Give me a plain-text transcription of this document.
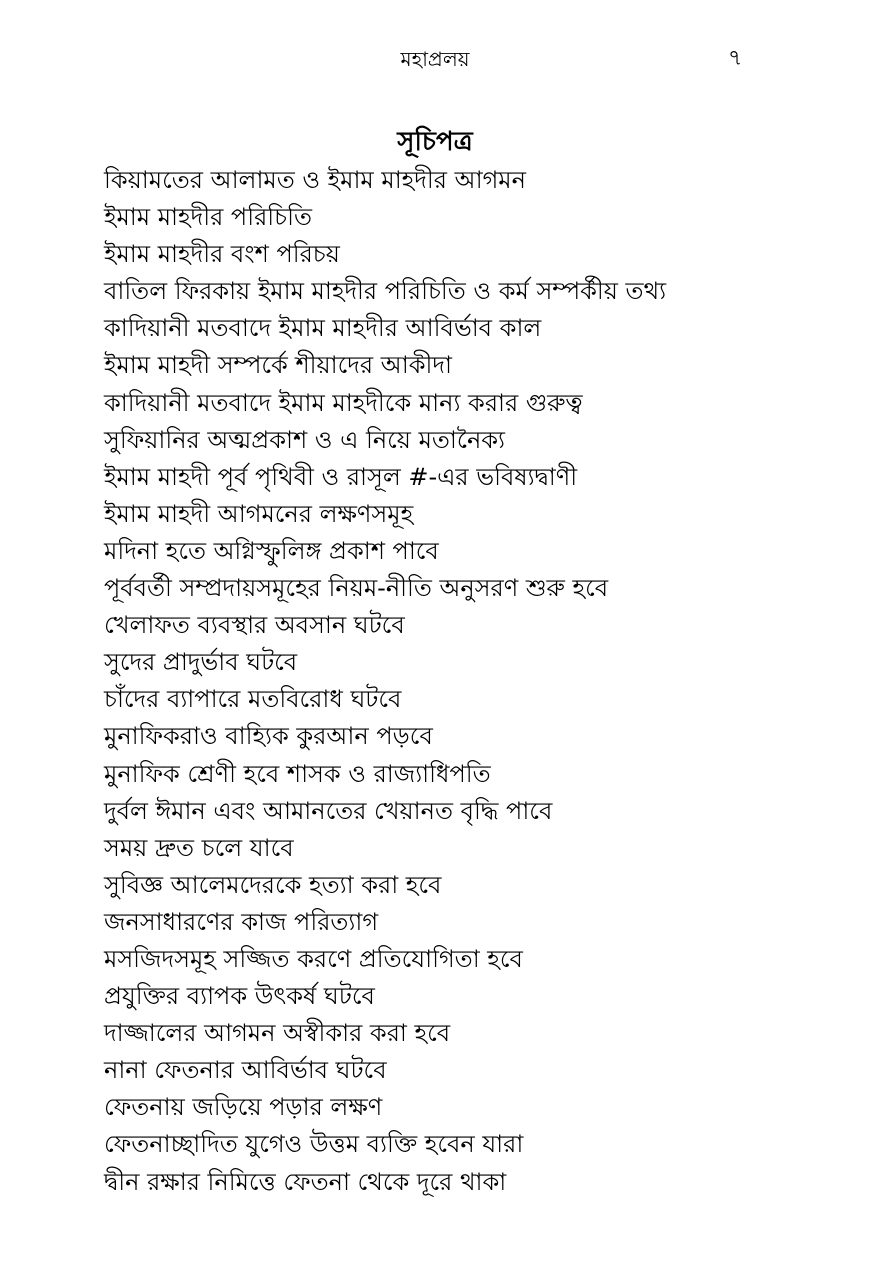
মহাপ্রলয়	৭
সূচিপত্র
কিয়ামতের আলামত ও ইমাম মাহদীর আগমন
ইমাম মাহদীর পরিচিতি
ইমাম মাহদীর বংশ পরিচয়
বাতিল ফিরকায় ইমাম মাহদীর পরিচিতি ও কর্ম সম্পর্কীয় তথ্য
কাদিয়ানী মতবাদে ইমাম মাহদীর আবির্ভাব কাল
ইমাম মাহদী সম্পর্কে শীয়াদের আকীদা
কাদিয়ানী মতবাদে ইমাম মাহদীকে মান্য করার গুরুত্ব
সুফিয়ানির অত্মপ্রকাশ ও এ নিয়ে মতানৈক্য
ইমাম মাহদী পূর্ব পৃথিবী ও রাসূল #-এর ভবিষ্যদ্বাণী
ইমাম মাহদী আগমনের লক্ষণসমূহ
মদিনা হতে অগ্নিস্ফুলিঙ্গ প্রকাশ পাবে
পূর্ববর্তী সম্প্রদায়সমূহের নিয়ম-নীতি অনুসরণ শুরু হবে
খেলাফত ব্যবস্থার অবসান ঘটবে
সুদের প্রাদুর্ভাব ঘটবে
চাঁদের ব্যাপারে মতবিরোধ ঘটবে
মুনাফিকরাও বাহ্যিক কুরআন পড়বে
মুনাফিক শ্রেণী হবে শাসক ও রাজ্যাধিপতি
দুর্বল ঈমান এবং আমানতের খেয়ানত বৃদ্ধি পাবে
সময় দ্রুত চলে যাবে
সুবিজ্ঞ আলেমদেরকে হত্যা করা হবে
জনসাধারণের কাজ পরিত্যাগ
মসজিদসমূহ সজ্জিত করণে প্রতিযোগিতা হবে
প্রযুক্তির ব্যাপক উৎকর্ষ ঘটবে
দাজ্জালের আগমন অস্বীকার করা হবে
নানা ফেতনার আবির্ভাব ঘটবে
ফেতনায় জড়িয়ে পড়ার লক্ষণ
ফেতনাচ্ছাদিত যুগেও উত্তম ব্যক্তি হবেন যারা
দ্বীন রক্ষার নিমিত্তে ফেতনা থেকে দূরে থাকা
